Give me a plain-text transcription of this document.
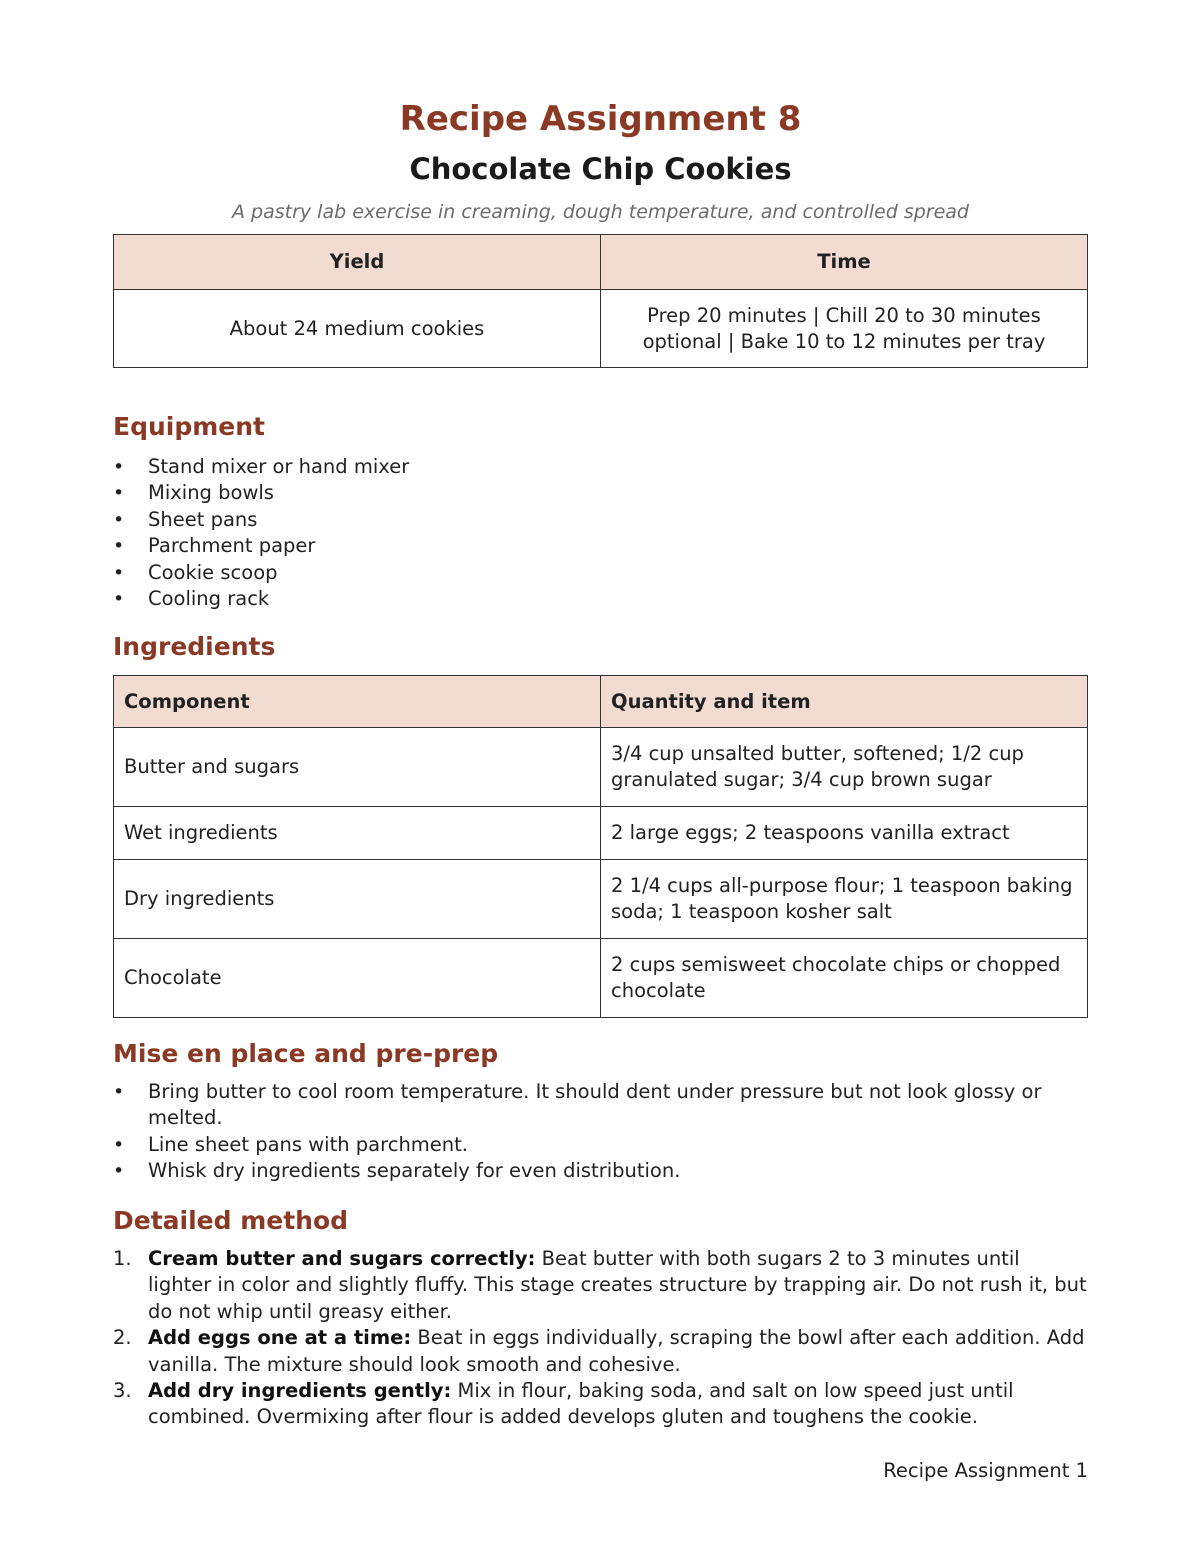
Recipe Assignment 8
Chocolate Chip Cookies

A pastry lab exercise in creaming, dough temperature, and controlled spread

Yield	Time
About 24 medium cookies	Prep 20 minutes | Chill 20 to 30 minutes optional | Bake 10 to 12 minutes per tray
Equipment
• Stand mixer or hand mixer
• Mixing bowls
• Sheet pans
• Parchment paper
• Cookie scoop
• Cooling rack
Ingredients
Component	Quantity and item
Butter and sugars	3/4 cup unsalted butter, softened; 1/2 cup granulated sugar; 3/4 cup brown sugar
Wet ingredients	2 large eggs; 2 teaspoons vanilla extract
Dry ingredients	2 1/4 cups all-purpose flour; 1 teaspoon baking soda; 1 teaspoon kosher salt
Chocolate	2 cups semisweet chocolate chips or chopped chocolate
Mise en place and pre-prep
• Bring butter to cool room temperature. It should dent under pressure but not look glossy or melted.
• Line sheet pans with parchment.
• Whisk dry ingredients separately for even distribution.
Detailed method
1. Cream butter and sugars correctly: Beat butter with both sugars 2 to 3 minutes until lighter in color and slightly fluffy. This stage creates structure by trapping air. Do not rush it, but do not whip until greasy either.
2. Add eggs one at a time: Beat in eggs individually, scraping the bowl after each addition. Add vanilla. The mixture should look smooth and cohesive.
3. Add dry ingredients gently: Mix in flour, baking soda, and salt on low speed just until combined. Overmixing after flour is added develops gluten and toughens the cookie.
Recipe Assignment 1
